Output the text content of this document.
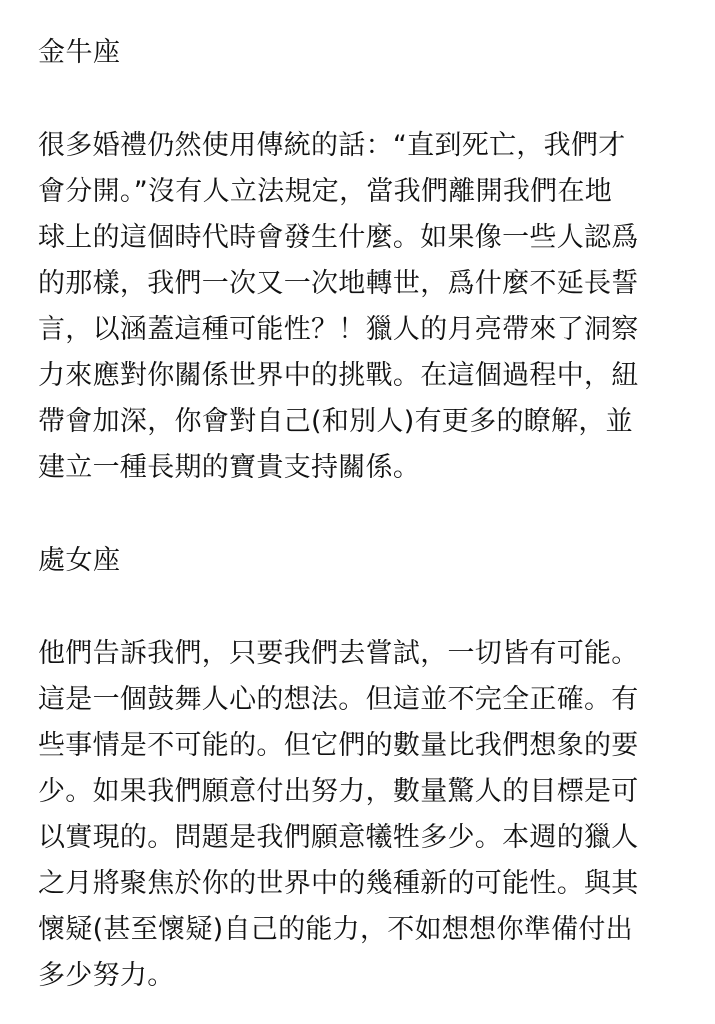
金牛座
很多婚禮仍然使用傳統的話：“直到死亡，我們才
會分開。”沒有人立法規定，當我們離開我們在地
球上的這個時代時會發生什麼。如果像一些人認爲
的那樣，我們一次又一次地轉世，爲什麼不延長誓
言，以涵蓋這種可能性？！獵人的月亮帶來了洞察
力來應對你關係世界中的挑戰。在這個過程中，紐
帶會加深，你會對自己(和別人)有更多的瞭解，並
建立一種長期的寶貴支持關係。
處女座
他們告訴我們，只要我們去嘗試，一切皆有可能。
這是一個鼓舞人心的想法。但這並不完全正確。有
些事情是不可能的。但它們的數量比我們想象的要
少。如果我們願意付出努力，數量驚人的目標是可
以實現的。問題是我們願意犧牲多少。本週的獵人
之月將聚焦於你的世界中的幾種新的可能性。與其
懷疑(甚至懷疑)自己的能力，不如想想你準備付出
多少努力。
